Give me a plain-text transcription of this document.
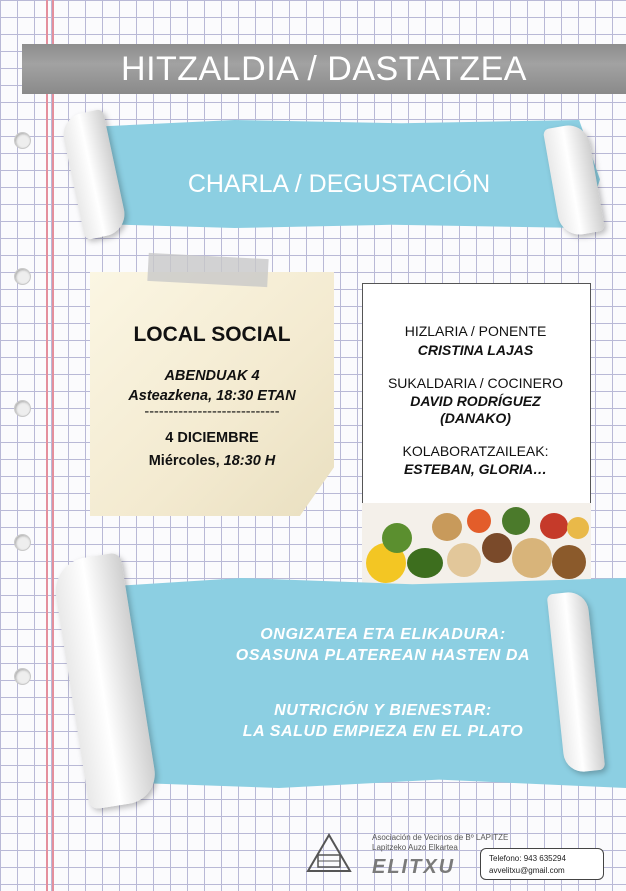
HITZALDIA / DASTATZEA
CHARLA / DEGUSTACIÓN
LOCAL SOCIAL
ABENDUAK 4
Asteazkena, 18:30 ETAN
----------------------------
4 DICIEMBRE
Miércoles, 18:30 H
HIZLARIA / PONENTE
CRISTINA LAJAS
SUKALDARIA / COCINERO
DAVID RODRÍGUEZ
(DANAKO)
KOLABORATZAILEAK:
ESTEBAN, GLORIA…
ONGIZATEA ETA ELIKADURA:
OSASUNA PLATEREAN HASTEN DA
NUTRICIÓN Y BIENESTAR:
LA SALUD EMPIEZA EN EL PLATO
Asociación de Vecinos de Bº LAPITZE
Lapitzeko Auzo Elkartea
ELITXU	Telefono: 943 635294
avvelitxu@gmail.com
